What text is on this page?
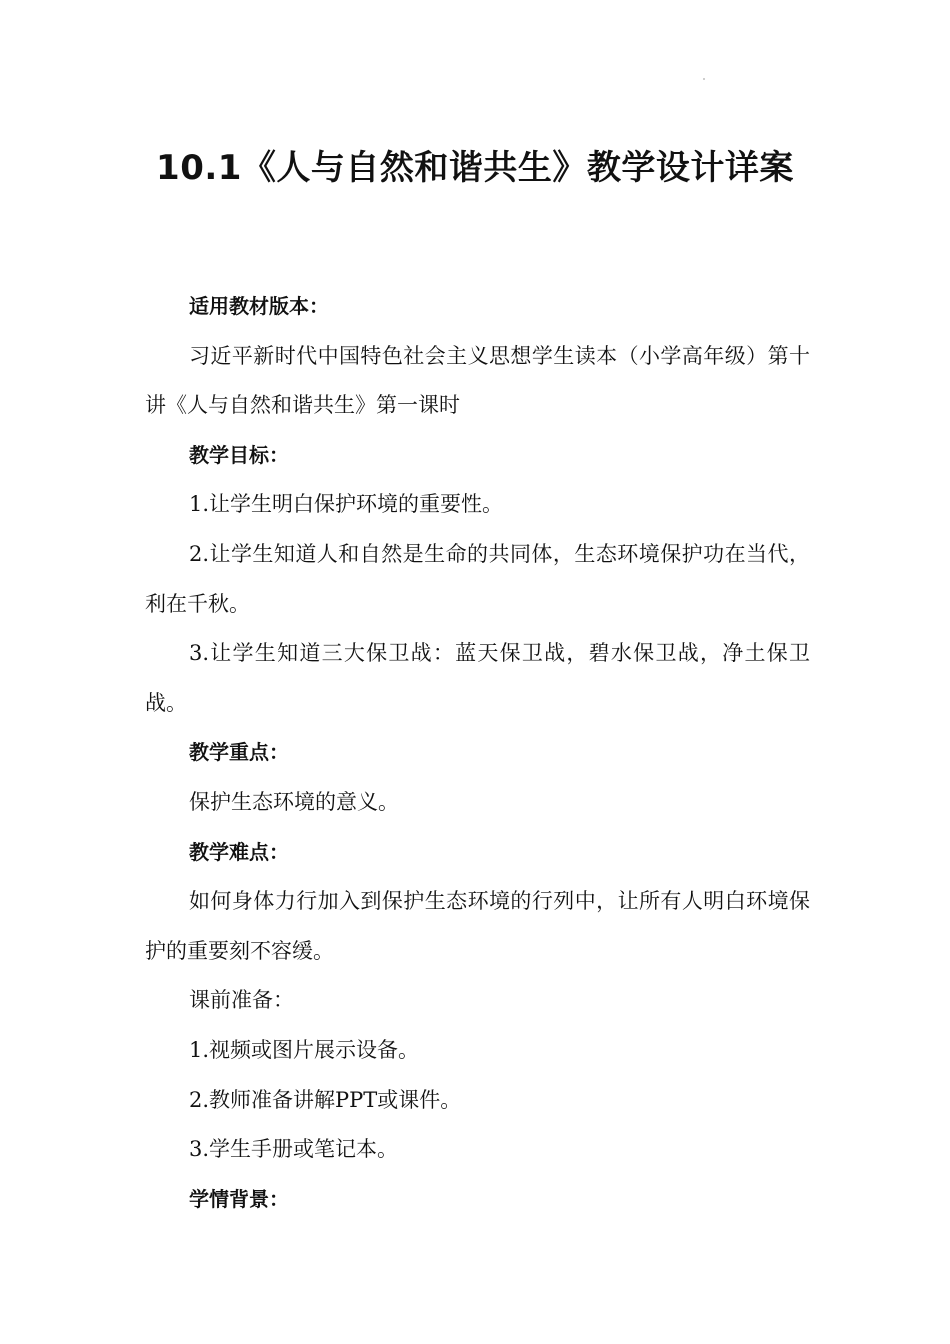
10.1《人与自然和谐共生》教学设计详案

适用教材版本：

习近平新时代中国特色社会主义思想学生读本（小学高年级）第十讲《人与自然和谐共生》第一课时

教学目标：

1.让学生明白保护环境的重要性。

2.让学生知道人和自然是生命的共同体，生态环境保护功在当代，利在千秋。

3.让学生知道三大保卫战：蓝天保卫战，碧水保卫战，净土保卫战。

教学重点：

保护生态环境的意义。

教学难点：

如何身体力行加入到保护生态环境的行列中，让所有人明白环境保护的重要刻不容缓。

课前准备：

1.视频或图片展示设备。

2.教师准备讲解PPT或课件。

3.学生手册或笔记本。

学情背景：
